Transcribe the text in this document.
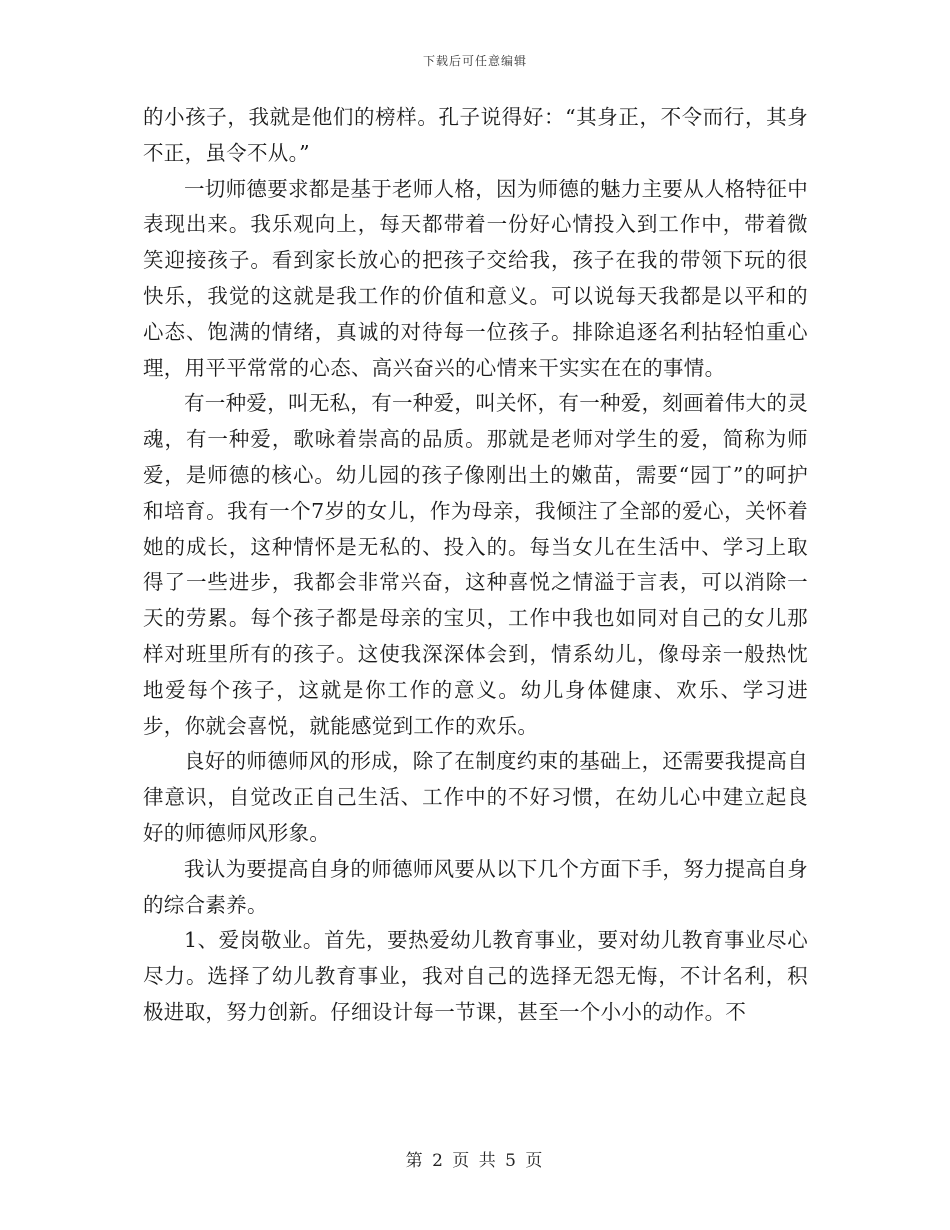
下载后可任意编辑

的小孩子，我就是他们的榜样。孔子说得好：“其身正，不令而行，其身不正，虽令不从。”

一切师德要求都是基于老师人格，因为师德的魅力主要从人格特征中表现出来。我乐观向上，每天都带着一份好心情投入到工作中，带着微笑迎接孩子。看到家长放心的把孩子交给我，孩子在我的带领下玩的很快乐，我觉的这就是我工作的价值和意义。可以说每天我都是以平和的心态、饱满的情绪，真诚的对待每一位孩子。排除追逐名利拈轻怕重心理，用平平常常的心态、高兴奋兴的心情来干实实在在的事情。

有一种爱，叫无私，有一种爱，叫关怀，有一种爱，刻画着伟大的灵魂，有一种爱，歌咏着崇高的品质。那就是老师对学生的爱，简称为师爱，是师德的核心。幼儿园的孩子像刚出土的嫩苗，需要“园丁”的呵护和培育。我有一个7岁的女儿，作为母亲，我倾注了全部的爱心，关怀着她的成长，这种情怀是无私的、投入的。每当女儿在生活中、学习上取得了一些进步，我都会非常兴奋，这种喜悦之情溢于言表，可以消除一天的劳累。每个孩子都是母亲的宝贝，工作中我也如同对自己的女儿那样对班里所有的孩子。这使我深深体会到，情系幼儿，像母亲一般热忱地爱每个孩子，这就是你工作的意义。幼儿身体健康、欢乐、学习进步，你就会喜悦，就能感觉到工作的欢乐。

良好的师德师风的形成，除了在制度约束的基础上，还需要我提高自律意识，自觉改正自己生活、工作中的不好习惯，在幼儿心中建立起良好的师德师风形象。

我认为要提高自身的师德师风要从以下几个方面下手，努力提高自身的综合素养。

1、爱岗敬业。首先，要热爱幼儿教育事业，要对幼儿教育事业尽心尽力。选择了幼儿教育事业，我对自己的选择无怨无悔，不计名利，积极进取，努力创新。仔细设计每一节课，甚至一个小小的动作。不

第 2 页 共 5 页
